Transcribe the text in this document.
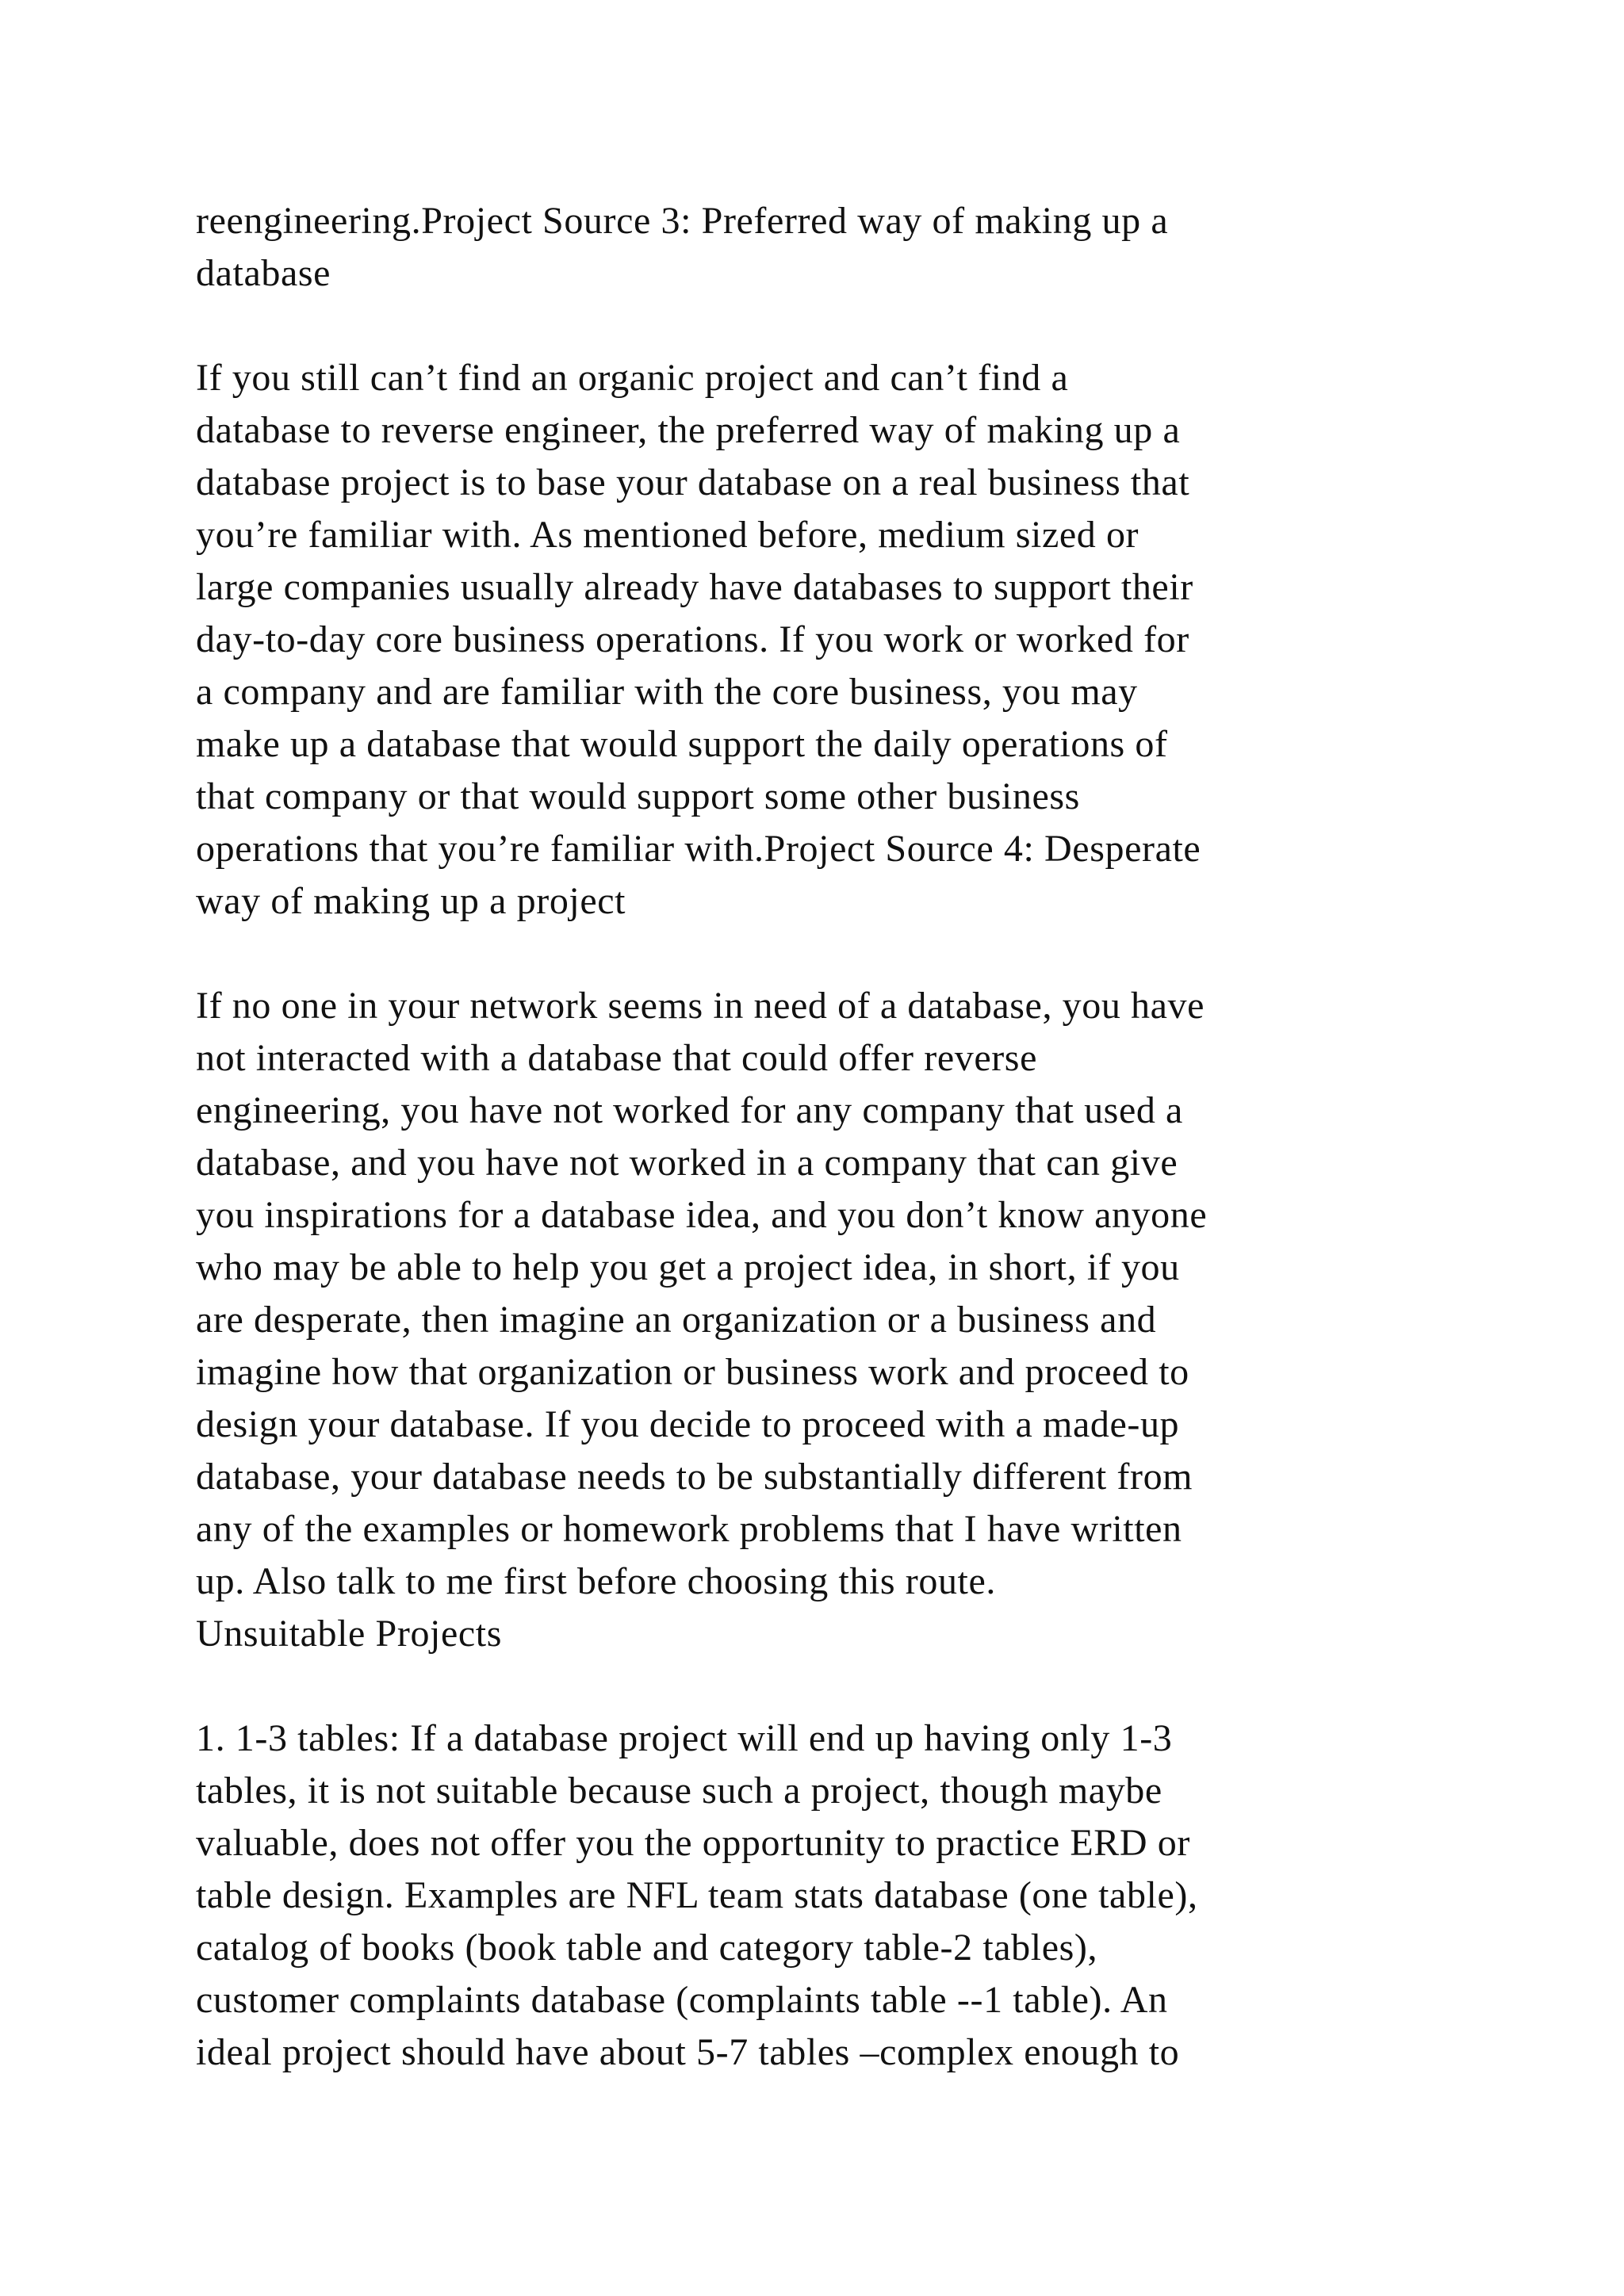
reengineering.Project Source 3: Preferred way of making up a
database
If you still can’t find an organic project and can’t find a
database to reverse engineer, the preferred way of making up a
database project is to base your database on a real business that
you’re familiar with. As mentioned before, medium sized or
large companies usually already have databases to support their
day-to-day core business operations. If you work or worked for
a company and are familiar with the core business, you may
make up a database that would support the daily operations of
that company or that would support some other business
operations that you’re familiar with.Project Source 4: Desperate
way of making up a project
If no one in your network seems in need of a database, you have
not interacted with a database that could offer reverse
engineering, you have not worked for any company that used a
database, and you have not worked in a company that can give
you inspirations for a database idea, and you don’t know anyone
who may be able to help you get a project idea, in short, if you
are desperate, then imagine an organization or a business and
imagine how that organization or business work and proceed to
design your database. If you decide to proceed with a made-up
database, your database needs to be substantially different from
any of the examples or homework problems that I have written
up. Also talk to me first before choosing this route.
Unsuitable Projects
1. 1-3 tables: If a database project will end up having only 1-3
tables, it is not suitable because such a project, though maybe
valuable, does not offer you the opportunity to practice ERD or
table design. Examples are NFL team stats database (one table),
catalog of books (book table and category table-2 tables),
customer complaints database (complaints table --1 table). An
ideal project should have about 5-7 tables –complex enough to
